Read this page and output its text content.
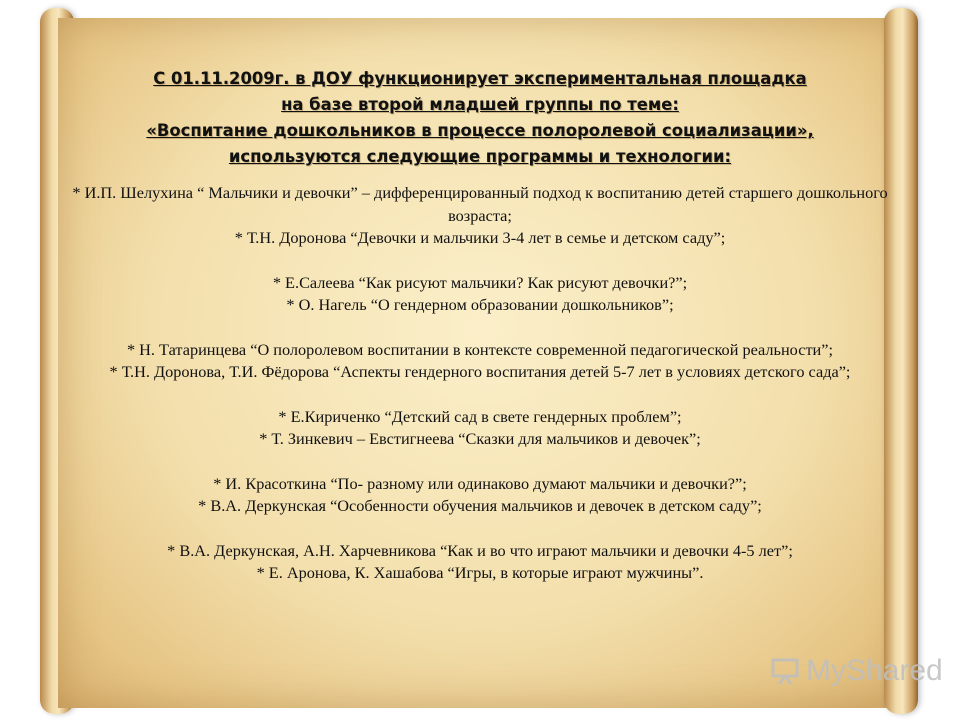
С 01.11.2009г. в ДОУ функционирует экспериментальная площадка

на базе второй младшей группы по теме:

«Воспитание дошкольников в процессе полоролевой социализации»,

используются следующие программы и технологии:

* И.П. Шелухина “ Мальчики и девочки” – дифференцированный подход к воспитанию детей старшего дошкольного возраста;

* Т.Н. Доронова “Девочки и мальчики 3-4 лет в семье и детском саду”;

* Е.Салеева “Как рисуют мальчики? Как рисуют девочки?”;

* О. Нагель “О гендерном образовании дошкольников”;

* Н. Татаринцева “О полоролевом воспитании в контексте современной педагогической реальности”;

* Т.Н. Доронова, Т.И. Фёдорова “Аспекты гендерного воспитания детей 5-7 лет в условиях детского сада”;

* Е.Кириченко “Детский сад в свете гендерных проблем”;

* Т. Зинкевич – Евстигнеева “Сказки для мальчиков и девочек”;

* И. Красоткина “По- разному или одинаково думают мальчики и девочки?”;

* В.А. Деркунская “Особенности обучения мальчиков и девочек в детском саду”;

* В.А. Деркунская, А.Н. Харчевникова “Как и во что играют мальчики и девочки 4-5 лет”;

* Е. Аронова, К. Хашабова “Игры, в которые играют мужчины”.

MyShared
